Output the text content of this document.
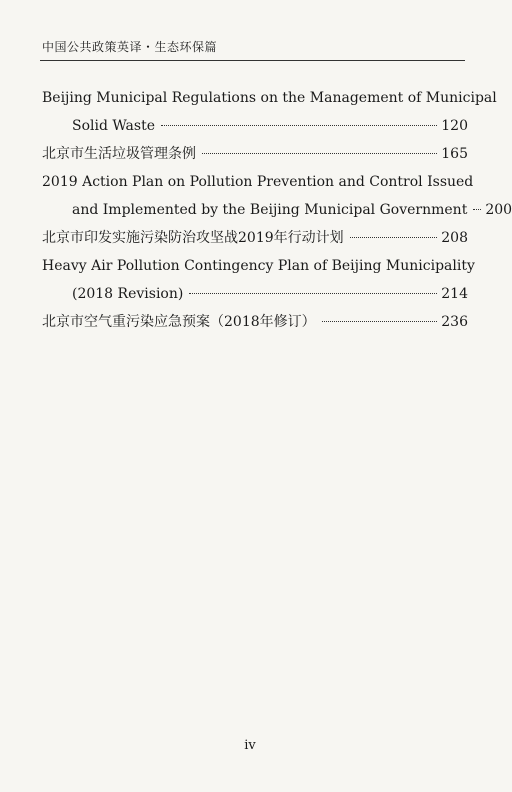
中国公共政策英译・生态环保篇
Beijing Municipal Regulations on the Management of Municipal
Solid Waste	120
北京市生活垃圾管理条例	165
2019 Action Plan on Pollution Prevention and Control Issued
and Implemented by the Beijing Municipal Government 200
北京市印发实施污染防治攻坚战2019年行动计划	208
Heavy Air Pollution Contingency Plan of Beijing Municipality
(2018 Revision)	214
北京市空气重污染应急预案（2018年修订）	236
iv
